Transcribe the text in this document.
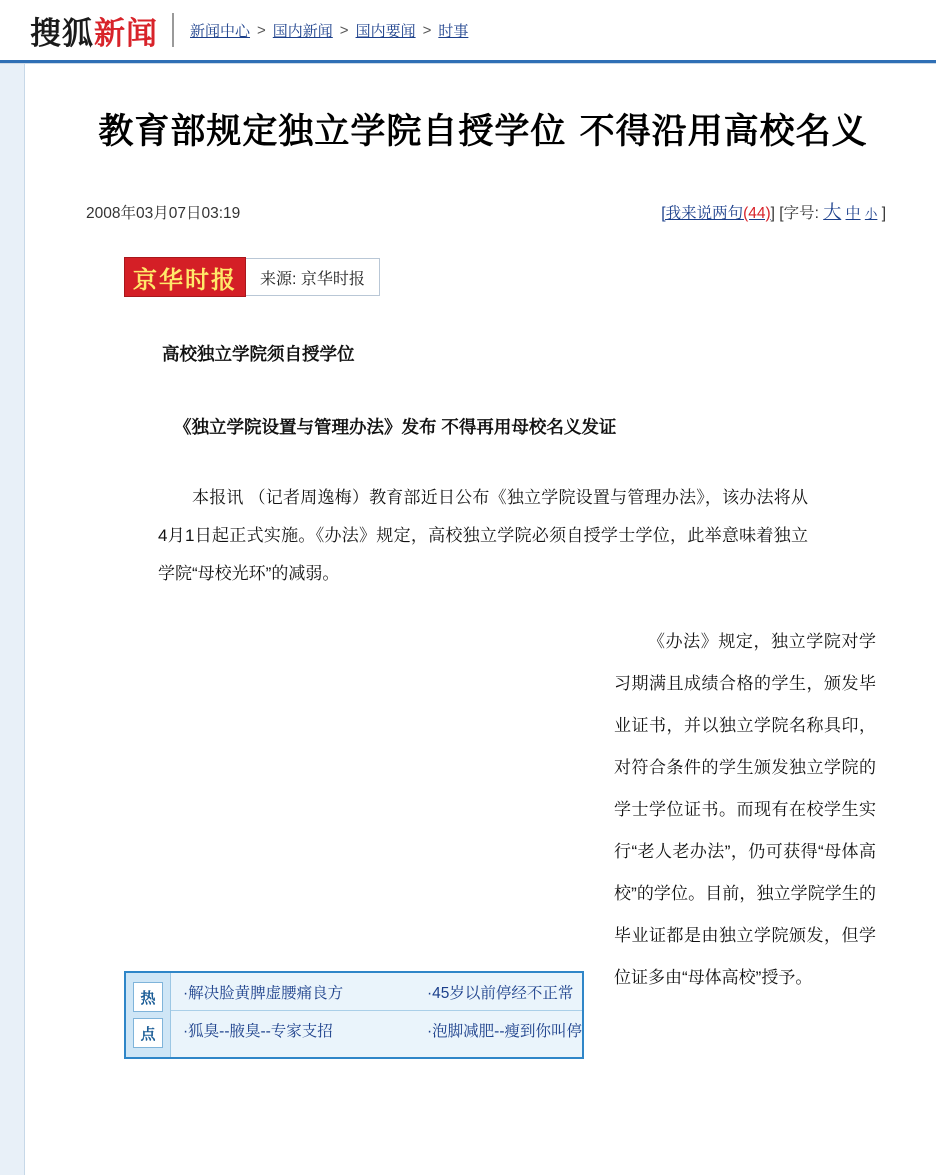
搜狐 新闻 新闻中心 > 国内新闻 > 国内要闻 > 时事
教育部规定独立学院自授学位 不得沿用高校名义
2008年03月07日03:19	[我来说两句(44)] [字号: 大 中 小 ]
京华时报	来源: 京华时报
高校独立学院须自授学位
《独立学院设置与管理办法》发布 不得再用母校名义发证

本报讯 （记者周逸梅）教育部近日公布《独立学院设置与管理办法》，该办法将从4月1日起正式实施。《办法》规定，高校独立学院必须自授学士学位，此举意味着独立学院“母校光环”的减弱。

《办法》规定，独立学院对学习期满且成绩合格的学生，颁发毕业证书，并以独立学院名称具印，对符合条件的学生颁发独立学院的学士学位证书。而现有在校学生实行“老人老办法”，仍可获得“母体高校”的学位。目前，独立学院学生的毕业证都是由独立学院颁发，但学位证多由“母体高校”授予。
热
点
·解决脸黄脾虚腰痛良方	·45岁以前停经不正常
·狐臭--腋臭--专家支招	·泡脚减肥--瘦到你叫停
